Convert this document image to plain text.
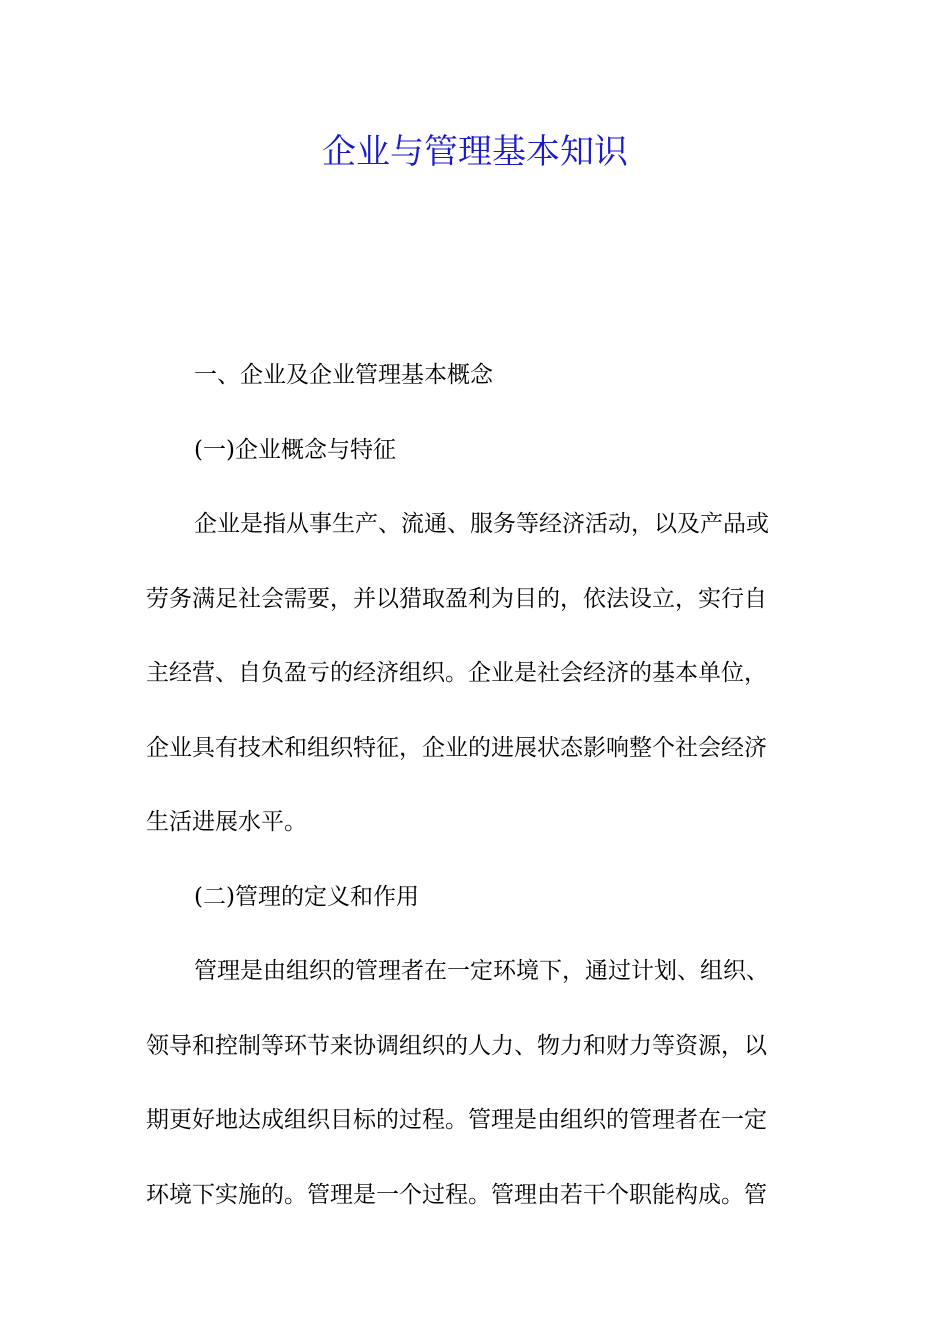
企业与管理基本知识
一、企业及企业管理基本概念
(一)企业概念与特征
企业是指从事生产、流通、服务等经济活动，以及产品或
劳务满足社会需要，并以猎取盈利为目的，依法设立，实行自
主经营、自负盈亏的经济组织。企业是社会经济的基本单位，
企业具有技术和组织特征，企业的进展状态影响整个社会经济
生活进展水平。
(二)管理的定义和作用
管理是由组织的管理者在一定环境下，通过计划、组织、
领导和控制等环节来协调组织的人力、物力和财力等资源，以
期更好地达成组织目标的过程。管理是由组织的管理者在一定
环境下实施的。管理是一个过程。管理由若干个职能构成。管
